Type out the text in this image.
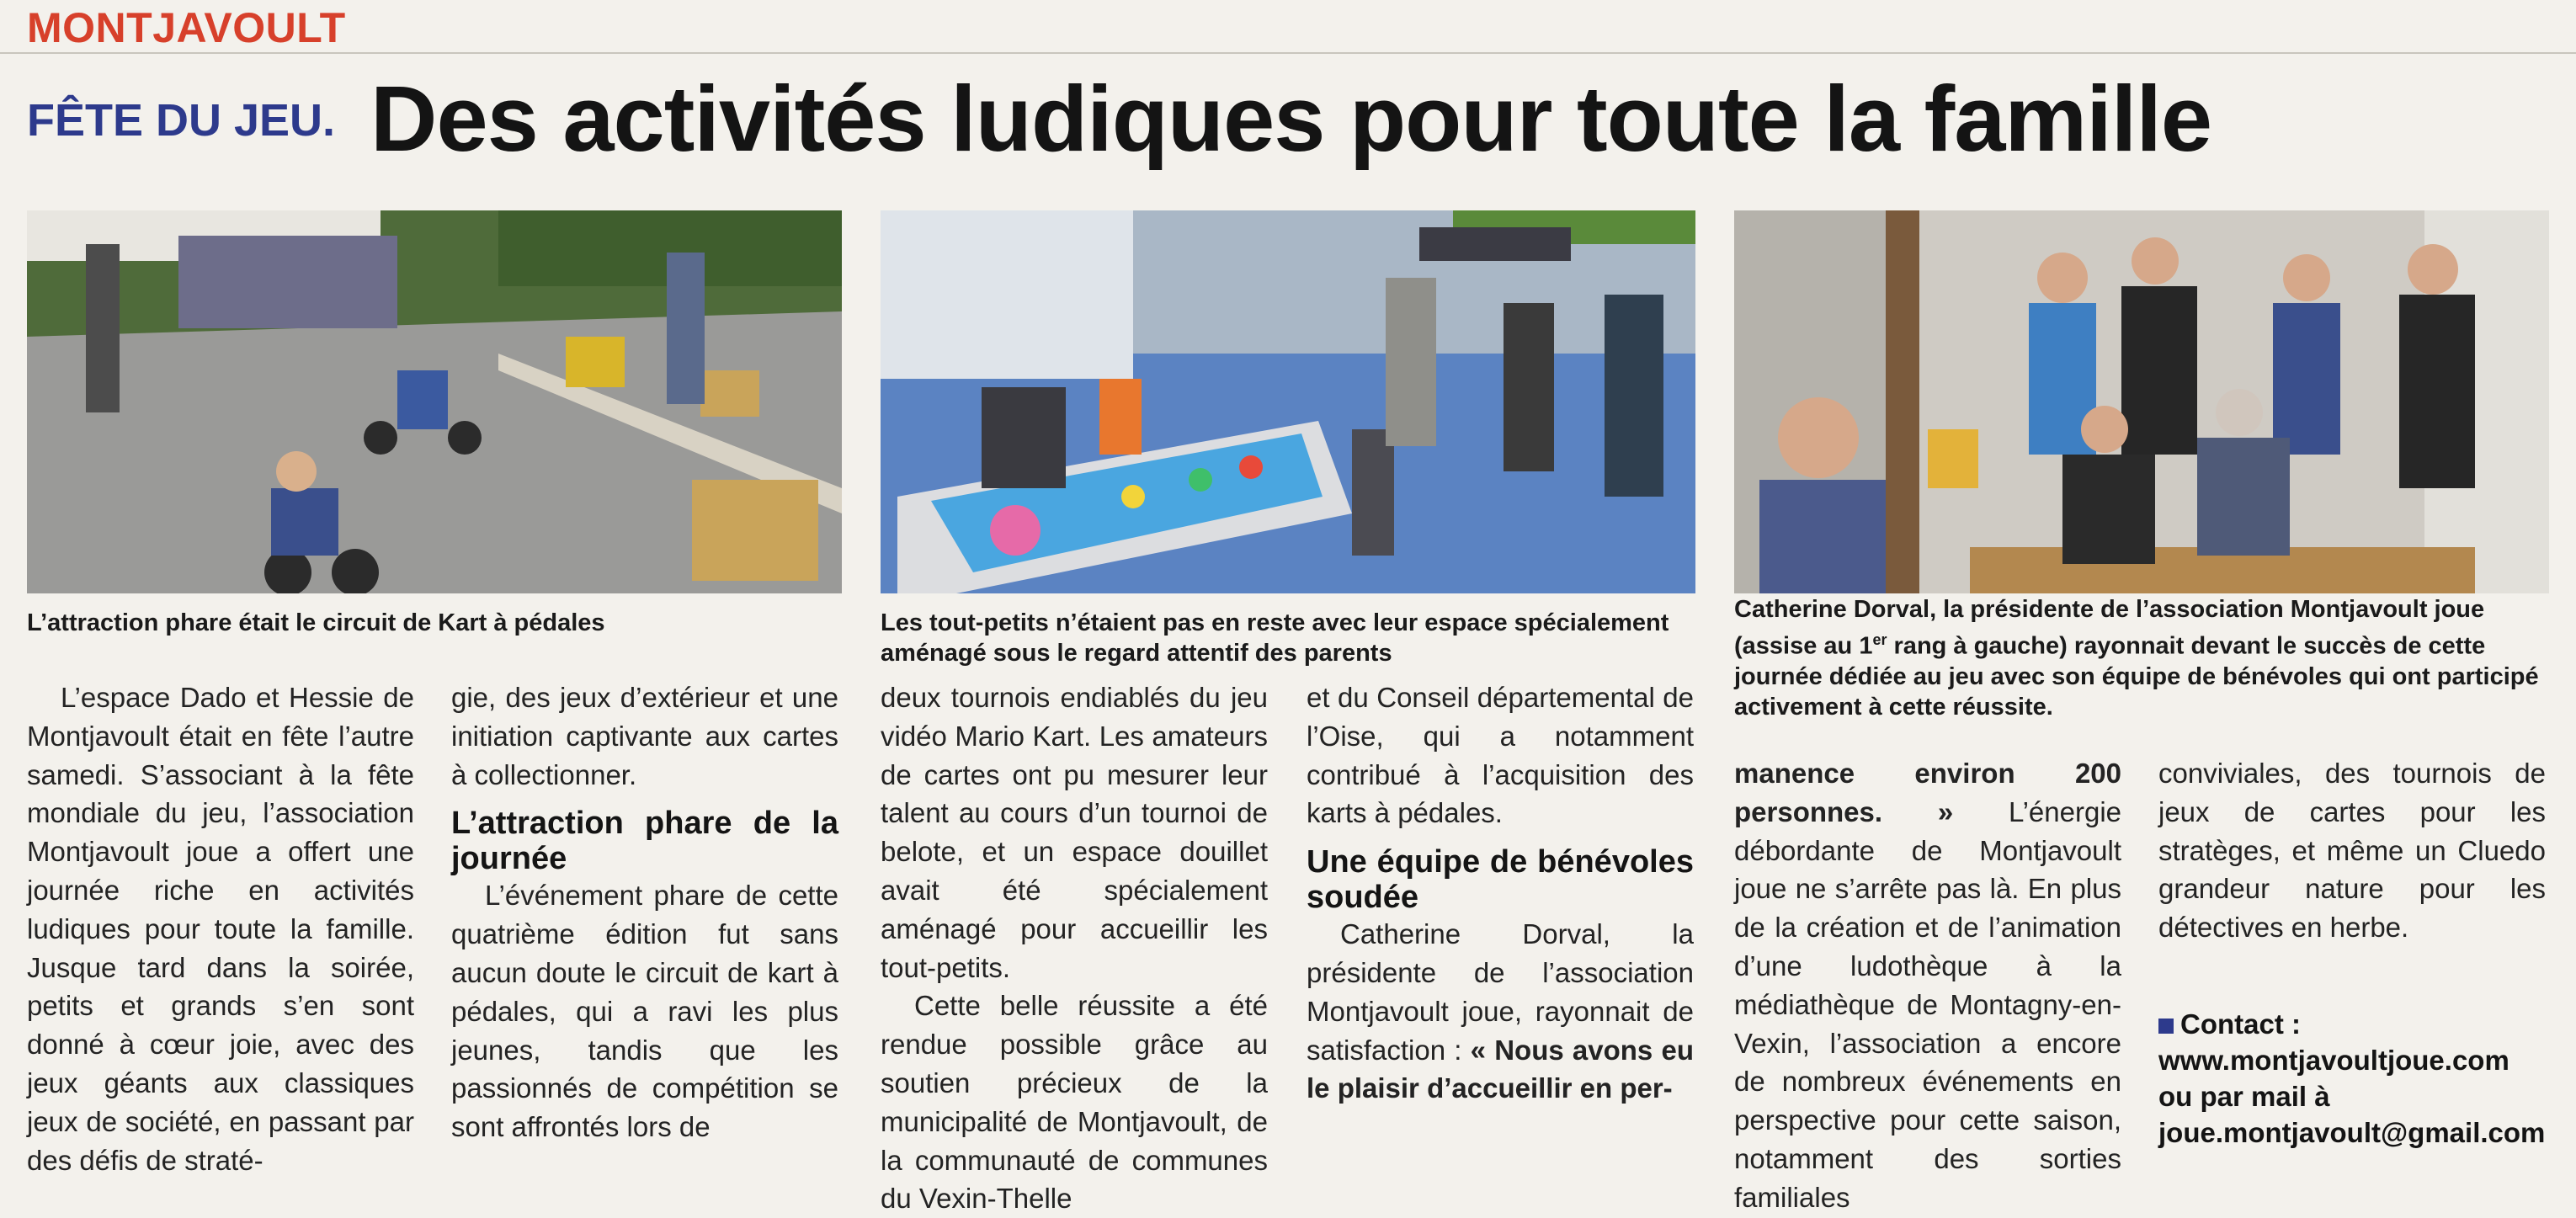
MONTJAVOULT
FÊTE DU JEU. Des activités ludiques pour toute la famille
L’attraction phare était le circuit de Kart à pédales	Les tout-petits n’étaient pas en reste avec leur espace spécialement aménagé sous le regard attentif des parents
Catherine Dorval, la présidente de l’association Montjavoult joue (assise au 1er rang à gauche) rayonnait devant le succès de cette journée dédiée au jeu avec son équipe de bénévoles qui ont participé activement à cette réussite.

L’espace Dado et Hessie de Montjavoult était en fête l’autre samedi. S’associant à la fête mondiale du jeu, l’association Montjavoult joue a offert une journée riche en activités ludiques pour toute la famille. Jusque tard dans la soirée, petits et grands s’en sont donné à cœur joie, avec des jeux géants aux classiques jeux de société, en passant par des défis de straté-

gie, des jeux d’extérieur et une initiation captivante aux cartes à collectionner.

L’attraction phare de la journée

L’événement phare de cette quatrième édition fut sans aucun doute le circuit de kart à pédales, qui a ravi les plus jeunes, tandis que les passionnés de compétition se sont affrontés lors de

deux tournois endiablés du jeu vidéo Mario Kart. Les amateurs de cartes ont pu mesurer leur talent au cours d’un tournoi de belote, et un espace douillet avait été spécialement aménagé pour accueillir les tout-petits.

Cette belle réussite a été rendue possible grâce au soutien précieux de la municipalité de Montjavoult, de la communauté de communes du Vexin-Thelle

et du Conseil départemental de l’Oise, qui a notamment contribué à l’acquisition des karts à pédales.

Une équipe de bénévoles soudée

Catherine Dorval, la présidente de l’association Montjavoult joue, rayonnait de satisfaction : « Nous avons eu le plaisir d’accueillir en per-

manence environ 200 personnes. » L’énergie débordante de Montjavoult joue ne s’arrête pas là. En plus de la création et de l’animation d’une ludothèque à la médiathèque de Montagny-en-Vexin, l’association a encore de nombreux événements en perspective pour cette saison, notamment des sorties familiales

conviviales, des tournois de jeux de cartes pour les stratèges, et même un Cluedo grandeur nature pour les détectives en herbe.

Contact : www.montjavoultjoue.com ou par mail à joue.montjavoult@gmail.com
